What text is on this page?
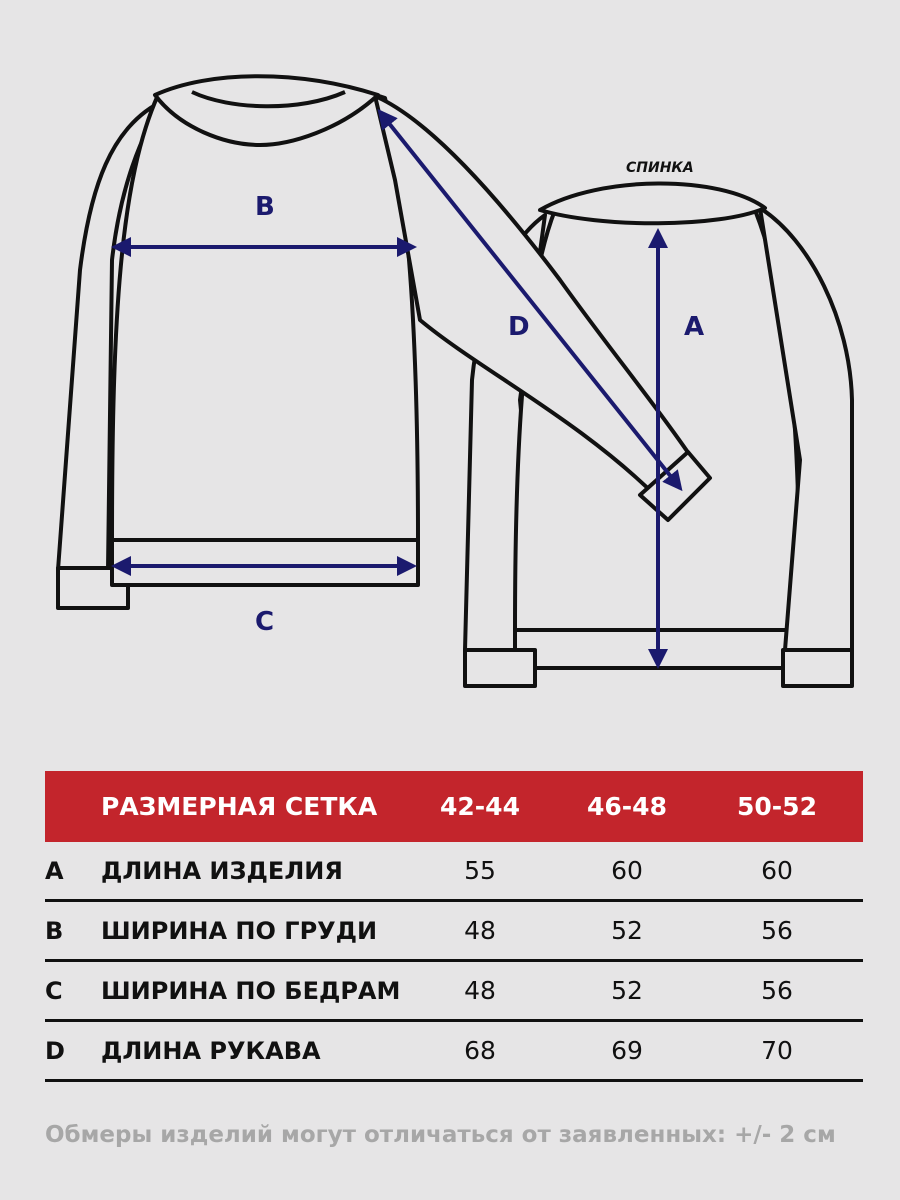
B
C
D	A
СПИНКА
РАЗМЕРНАЯ СЕТКА	42-44	46-48	50-52
A ДЛИНА ИЗДЕЛИЯ	55	60	60
B ШИРИНА ПО ГРУДИ	48	52	56
C ШИРИНА ПО БЕДРАМ	48	52	56
D ДЛИНА РУКАВА	68	69	70
Обмеры изделий могут отличаться от заявленных: +/- 2 см
